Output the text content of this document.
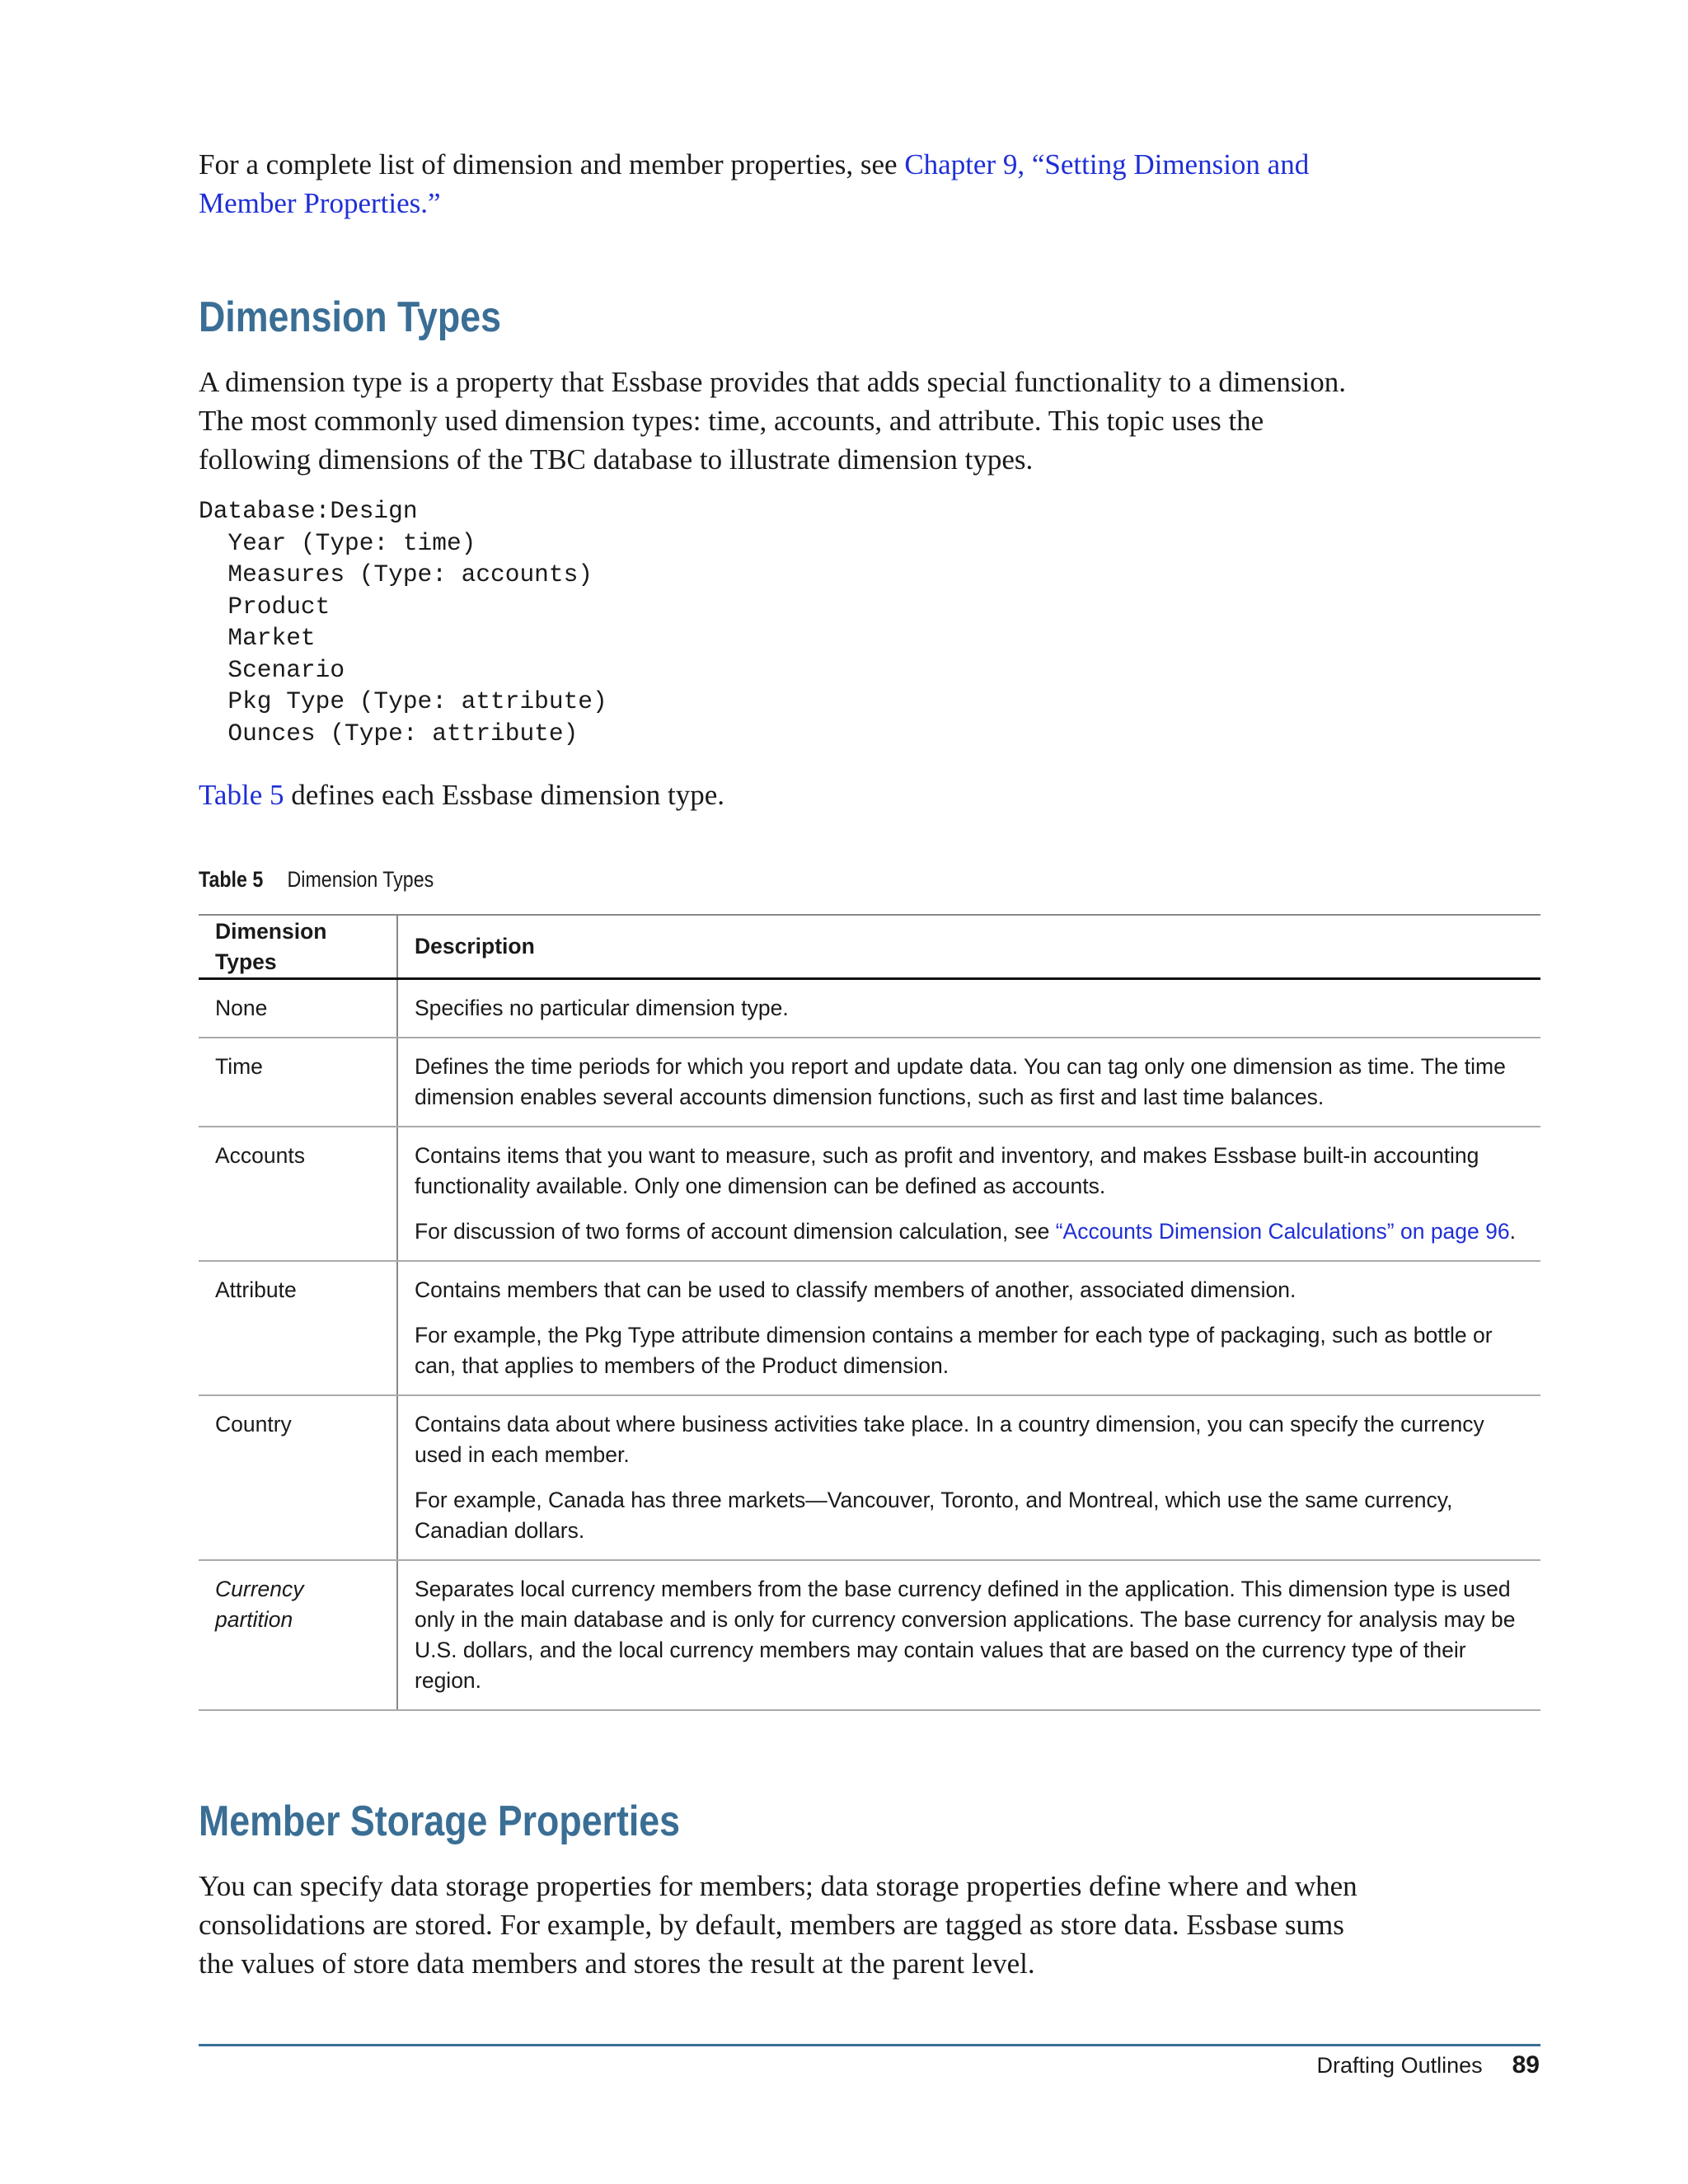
For a complete list of dimension and member properties, see Chapter 9, “Setting Dimension and Member Properties.”
Dimension Types
A dimension type is a property that Essbase provides that adds special functionality to a dimension. The most commonly used dimension types: time, accounts, and attribute. This topic uses the following dimensions of the TBC database to illustrate dimension types.
Database:Design
Year (Type: time)
Measures (Type: accounts)
Product
Market
Scenario
Pkg Type (Type: attribute)
Ounces (Type: attribute)
Table 5 defines each Essbase dimension type.
Table 5 Dimension Types
Dimension Types	Description
None	Specifies no particular dimension type.

Time	Defines the time periods for which you report and update data. You can tag only one dimension as time. The time dimension enables several accounts dimension functions, such as first and last time balances.

Accounts	Contains items that you want to measure, such as profit and inventory, and makes Essbase built-in accounting functionality available. Only one dimension can be defined as accounts.

For discussion of two forms of account dimension calculation, see “Accounts Dimension Calculations” on page 96.

Attribute	Contains members that can be used to classify members of another, associated dimension.

For example, the Pkg Type attribute dimension contains a member for each type of packaging, such as bottle or can, that applies to members of the Product dimension.

Country	Contains data about where business activities take place. In a country dimension, you can specify the currency used in each member.

For example, Canada has three markets—Vancouver, Toronto, and Montreal, which use the same currency, Canadian dollars.

Currency partition	Separates local currency members from the base currency defined in the application. This dimension type is used only in the main database and is only for currency conversion applications. The base currency for analysis may be U.S. dollars, and the local currency members may contain values that are based on the currency type of their region.

Member Storage Properties
You can specify data storage properties for members; data storage properties define where and when consolidations are stored. For example, by default, members are tagged as store data. Essbase sums the values of store data members and stores the result at the parent level.
Drafting Outlines 89
